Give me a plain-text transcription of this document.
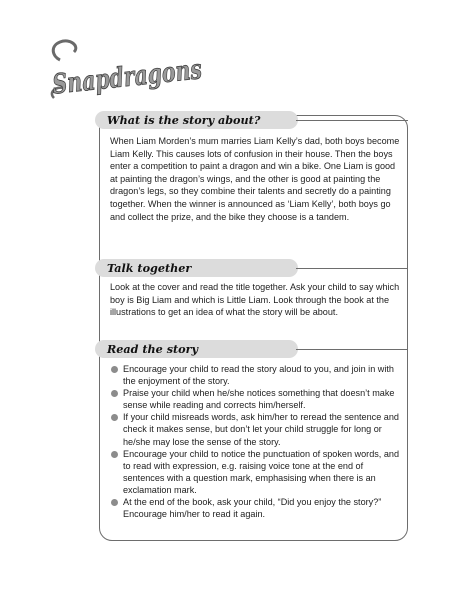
Snapdragons
What is the story about?

When Liam Morden’s mum marries Liam Kelly’s dad, both boys become Liam Kelly. This causes lots of confusion in their house. Then the boys enter a competition to paint a dragon and win a bike. One Liam is good at painting the dragon’s wings, and the other is good at painting the dragon’s legs, so they combine their talents and secretly do a painting together. When the winner is announced as ‘Liam Kelly’, both boys go and collect the prize, and the bike they choose is a tandem.

Talk together

Look at the cover and read the title together. Ask your child to say which boy is Big Liam and which is Little Liam. Look through the book at the illustrations to get an idea of what the story will be about.

Read the story
Encourage your child to read the story aloud to you, and join in with the enjoyment of the story.
Praise your child when he/she notices something that doesn’t make sense while reading and corrects him/herself.
If your child misreads words, ask him/her to reread the sentence and check it makes sense, but don’t let your child struggle for long or he/she may lose the sense of the story.
Encourage your child to notice the punctuation of spoken words, and to read with expression, e.g. raising voice tone at the end of sentences with a question mark, emphasising when there is an exclamation mark.
At the end of the book, ask your child, “Did you enjoy the story?” Encourage him/her to read it again.
